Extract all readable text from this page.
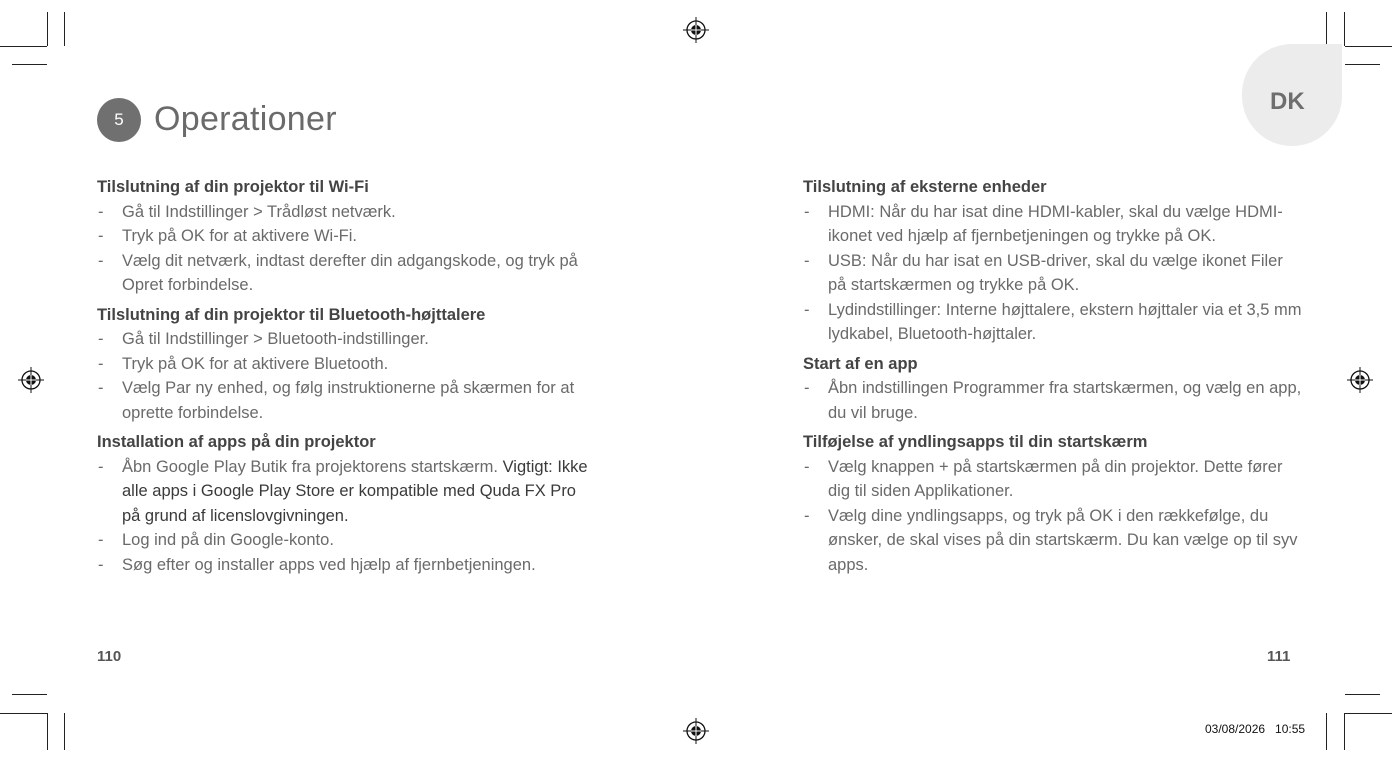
DK
5 Operationer
Tilslutning af din projektor til Wi-Fi
- Gå til Indstillinger > Trådløst netværk.
- Tryk på OK for at aktivere Wi-Fi.
- Vælg dit netværk, indtast derefter din adgangskode, og tryk på Opret forbindelse.
Tilslutning af din projektor til Bluetooth-højttalere
- Gå til Indstillinger > Bluetooth-indstillinger.
- Tryk på OK for at aktivere Bluetooth.
- Vælg Par ny enhed, og følg instruktionerne på skærmen for at oprette forbindelse.
Installation af apps på din projektor
- Åbn Google Play Butik fra projektorens startskærm. Vigtigt: Ikke alle apps i Google Play Store er kompatible med Quda FX Pro på grund af licenslovgivningen.
- Log ind på din Google-konto.
- Søg efter og installer apps ved hjælp af fjernbetjeningen.
Tilslutning af eksterne enheder
- HDMI: Når du har isat dine HDMI-kabler, skal du vælge HDMI-ikonet ved hjælp af fjernbetjeningen og trykke på OK.
- USB: Når du har isat en USB-driver, skal du vælge ikonet Filer på startskærmen og trykke på OK.
- Lydindstillinger: Interne højttalere, ekstern højttaler via et 3,5 mm lydkabel, Bluetooth-højttaler.
Start af en app
- Åbn indstillingen Programmer fra startskærmen, og vælg en app, du vil bruge.
Tilføjelse af yndlingsapps til din startskærm
- Vælg knappen + på startskærmen på din projektor. Dette fører dig til siden Applikationer.
- Vælg dine yndlingsapps, og tryk på OK i den rækkefølge, du ønsker, de skal vises på din startskærm. Du kan vælge op til syv apps.
110	111
03/08/2026   10:55
